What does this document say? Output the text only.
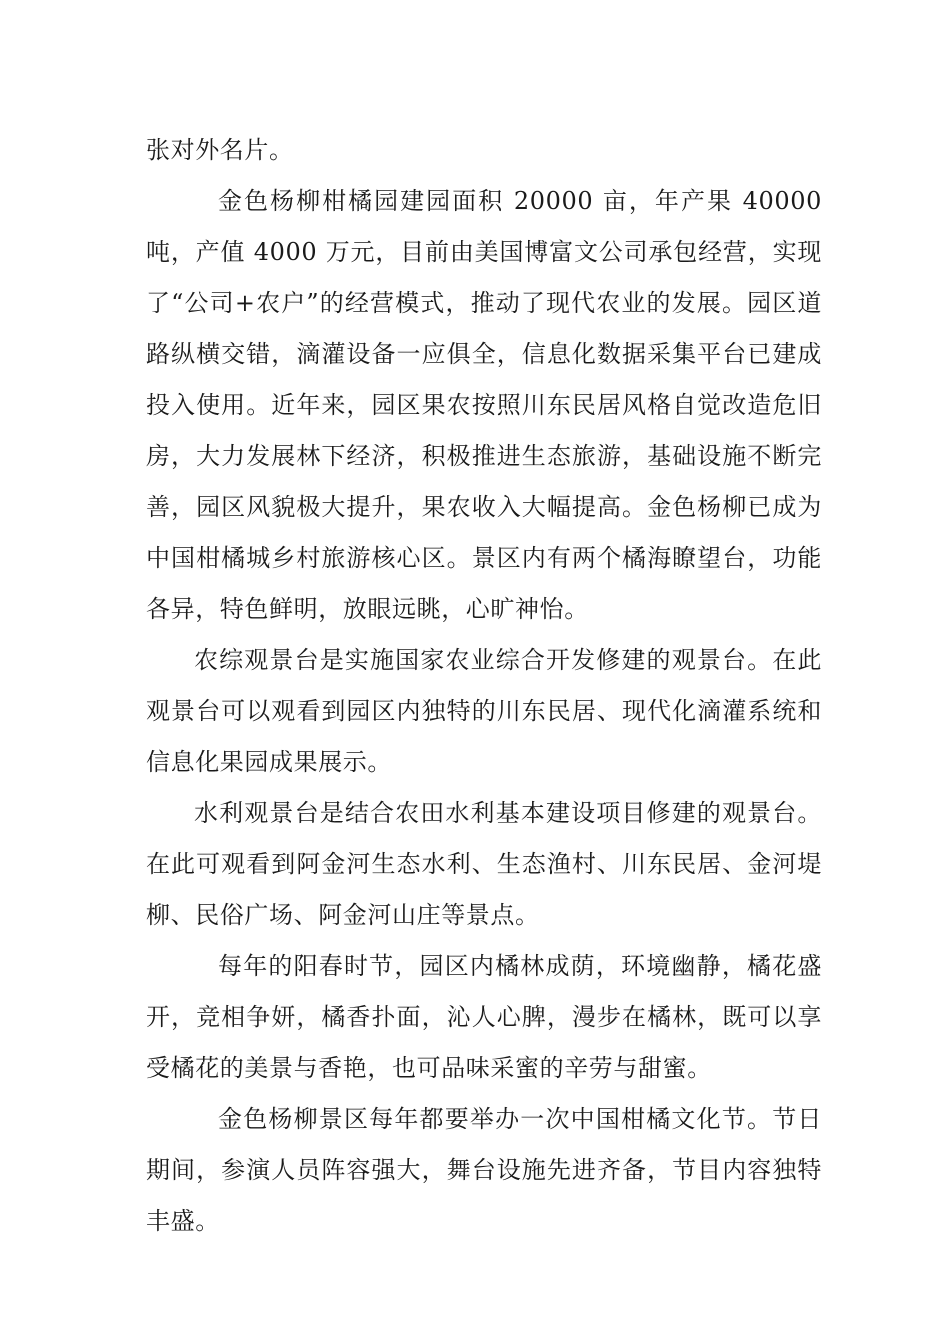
张对外名片。

金色杨柳柑橘园建园面积 20000 亩，年产果 40000 吨，产值 4000 万元，目前由美国博富文公司承包经营，实现了“公司+农户”的经营模式，推动了现代农业的发展。园区道路纵横交错，滴灌设备一应俱全，信息化数据采集平台已建成投入使用。近年来，园区果农按照川东民居风格自觉改造危旧房，大力发展林下经济，积极推进生态旅游，基础设施不断完善，园区风貌极大提升，果农收入大幅提高。金色杨柳已成为中国柑橘城乡村旅游核心区。景区内有两个橘海瞭望台，功能各异，特色鲜明，放眼远眺，心旷神怡。

农综观景台是实施国家农业综合开发修建的观景台。在此观景台可以观看到园区内独特的川东民居、现代化滴灌系统和信息化果园成果展示。

水利观景台是结合农田水利基本建设项目修建的观景台。在此可观看到阿金河生态水利、生态渔村、川东民居、金河堤柳、民俗广场、阿金河山庄等景点。

每年的阳春时节，园区内橘林成荫，环境幽静，橘花盛开，竞相争妍，橘香扑面，沁人心脾，漫步在橘林，既可以享受橘花的美景与香艳，也可品味采蜜的辛劳与甜蜜。

金色杨柳景区每年都要举办一次中国柑橘文化节。节日期间，参演人员阵容强大，舞台设施先进齐备，节目内容独特丰盛。
